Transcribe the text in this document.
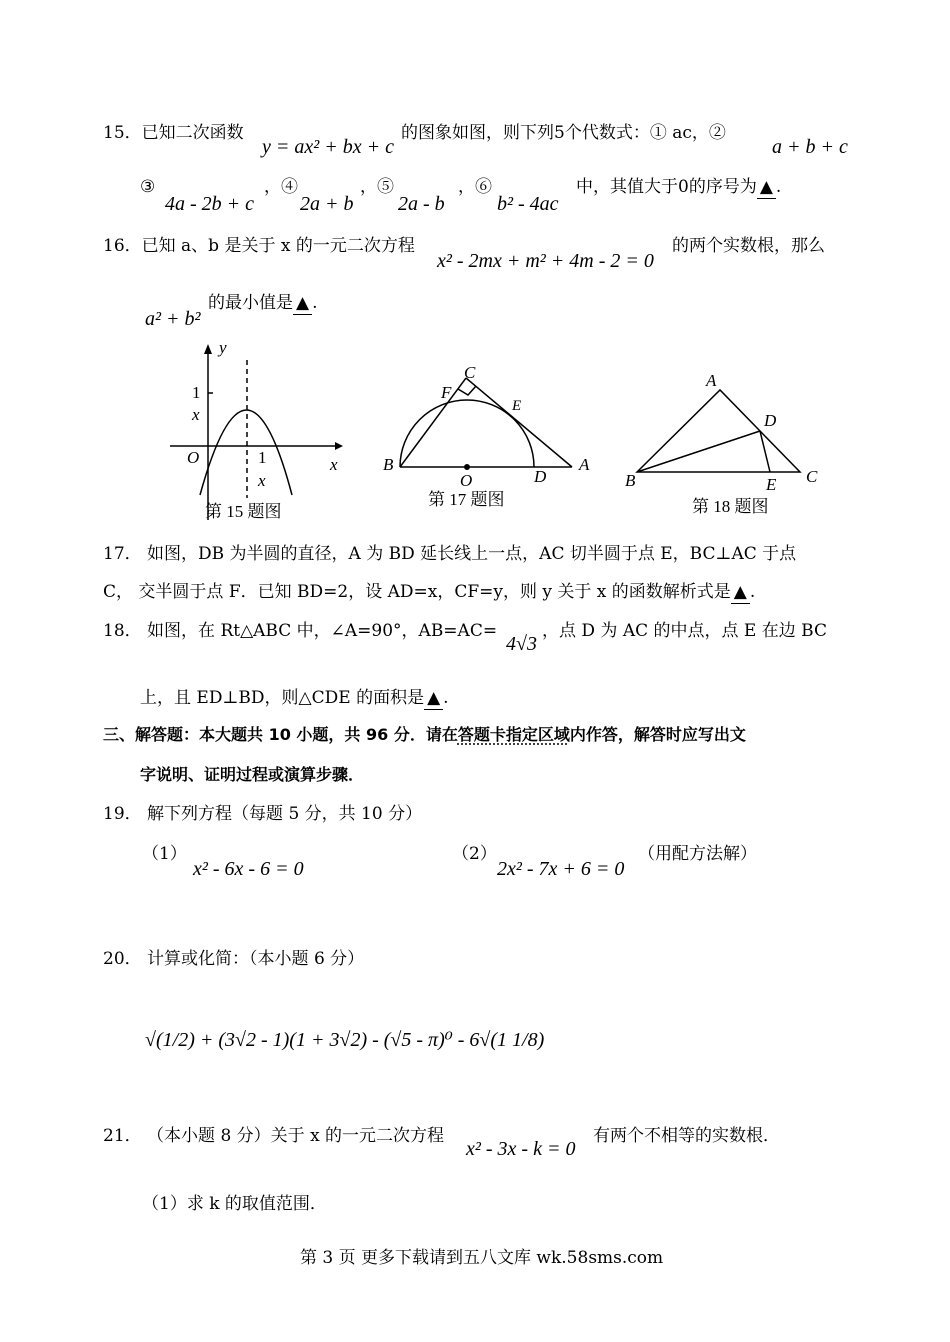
15．已知二次函数
y = ax² + bx + c
的图象如图，则下列5个代数式：① ac，②
a + b + c
③
4a - 2b + c
，④
2a + b
，⑤
2a - b
，⑥
b² - 4ac
中，其值大于0的序号为 ▲ .
16．已知 a、b 是关于 x 的一元二次方程
x² - 2mx + m² + 4m - 2 = 0
的两个实数根，那么
a² + b²
的最小值是 ▲ .
y
x
O
1
x
1
x
第 15 题图
C
F
E
B
O	D
A
第 17 题图
A
D
B	E C
第 18 题图
17． 如图，DB 为半圆的直径，A 为 BD 延长线上一点，AC 切半圆于点 E，BC⊥AC 于点
C， 交半圆于点 F．已知 BD=2，设 AD=x，CF=y，则 y 关于 x 的函数解析式是 ▲ .
18． 如图，在 Rt△ABC 中，∠A=90°，AB=AC=
4√3
，点 D 为 AC 的中点，点 E 在边 BC
上，且 ED⊥BD，则△CDE 的面积是 ▲ .
三、解答题：本大题共 10 小题，共 96 分．请在答题卡指定区域内作答，解答时应写出文
字说明、证明过程或演算步骤．
19． 解下列方程（每题 5 分，共 10 分）
（1）
x² - 6x - 6 = 0
（2）
2x² - 7x + 6 = 0
（用配方法解）
20． 计算或化简：（本小题 6 分）
√(1/2) + (3√2 - 1)(1 + 3√2) - (√5 - π)⁰ - 6√(1 1/8)
21． （本小题 8 分）关于 x 的一元二次方程
x² - 3x - k = 0
有两个不相等的实数根．
（1）求 k 的取值范围．
第 3 页 更多下载请到五八文库 wk.58sms.com
